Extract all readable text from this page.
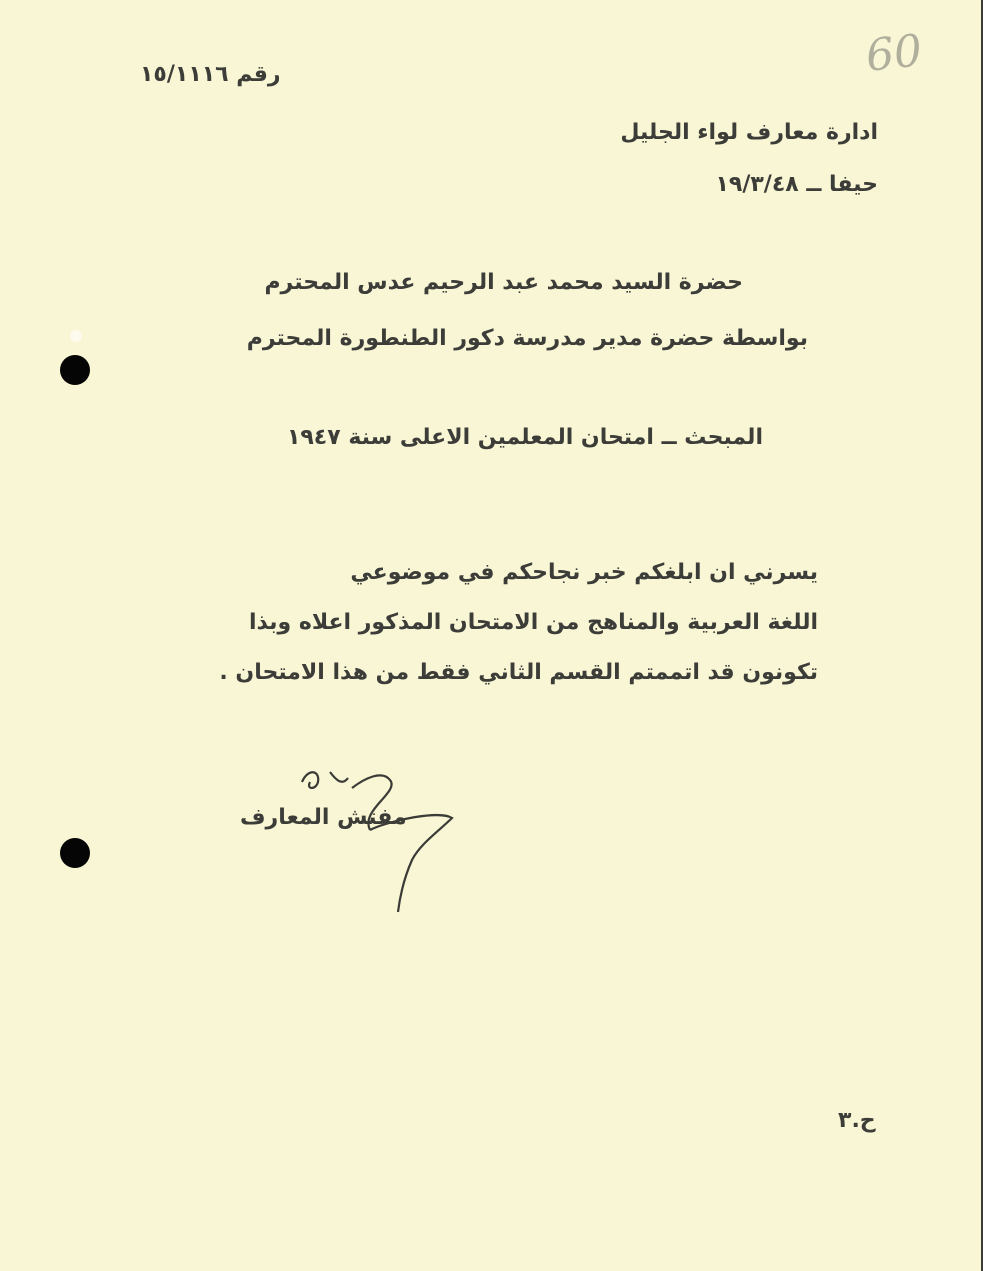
60
رقم ١٥/١١١٦
ادارة معارف لواء الجليل
حيفا ــ ١٩/٣/٤٨
حضرة السيد محمد عبد الرحيم عدس المحترم
بواسطة حضرة مدير مدرسة دكور الطنطورة المحترم
المبحث ــ امتحان المعلمين الاعلى سنة ١٩٤٧
يسرني ان ابلغكم خبر نجاحكم في موضوعي
اللغة العربية والمناهج من الامتحان المذكور اعلاه وبذا
تكونون قد اتممتم القسم الثاني فقط من هذا الامتحان .
مفتش المعارف
ح.٣
